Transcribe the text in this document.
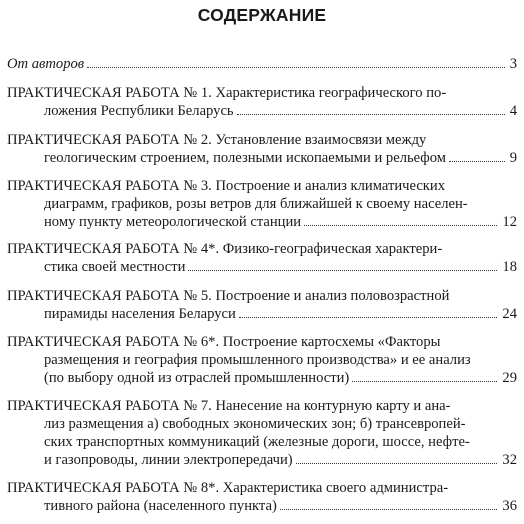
СОДЕРЖАНИЕ
От авторов	3
ПРАКТИЧЕСКАЯ РАБОТА № 1. Характеристика географического по-
ложения Республики Беларусь	4
ПРАКТИЧЕСКАЯ РАБОТА № 2. Установление взаимосвязи между
геологическим строением, полезными ископаемыми и рельефом	9
ПРАКТИЧЕСКАЯ РАБОТА № 3. Построение и анализ климатических
диаграмм, графиков, розы ветров для ближайшей к своему населен-
ному пункту метеорологической станции	12
ПРАКТИЧЕСКАЯ РАБОТА № 4*. Физико-географическая характери-
стика своей местности	18
ПРАКТИЧЕСКАЯ РАБОТА № 5. Построение и анализ половозрастной
пирамиды населения Беларуси	24
ПРАКТИЧЕСКАЯ РАБОТА № 6*. Построение картосхемы «Факторы
размещения и география промышленного производства» и ее анализ
(по выбору одной из отраслей промышленности)	29
ПРАКТИЧЕСКАЯ РАБОТА № 7. Нанесение на контурную карту и ана-
лиз размещения а) свободных экономических зон; б) трансевропей-
ских транспортных коммуникаций (железные дороги, шоссе, нефте-
и газопроводы, линии электропередачи)	32
ПРАКТИЧЕСКАЯ РАБОТА № 8*. Характеристика своего администра-
тивного района (населенного пункта)	36
